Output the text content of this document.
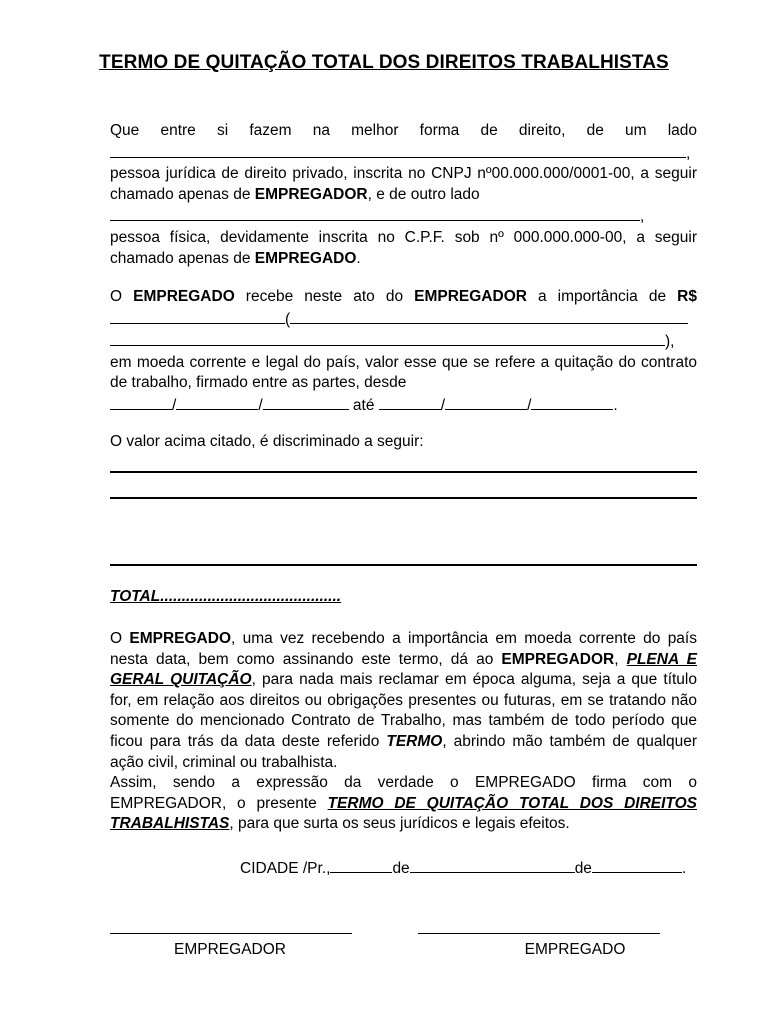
TERMO DE QUITAÇÃO TOTAL DOS DIREITOS TRABALHISTAS

Que entre si fazem na melhor forma de direito, de um lado

,

pessoa jurídica de direito privado, inscrita no CNPJ nº00.000.000/0001-00, a seguir chamado apenas de EMPREGADOR, e de outro lado

,

pessoa física, devidamente inscrita no C.P.F. sob nº 000.000.000-00, a seguir chamado apenas de EMPREGADO.

O EMPREGADO recebe neste ato do EMPREGADOR a importância de R$

(

),

em moeda corrente e legal do país, valor esse que se refere a quitação do contrato de trabalho, firmado entre as partes, desde

/	/	até	/	/	.

O valor acima citado, é discriminado a seguir:

TOTAL..........................................

O EMPREGADO, uma vez recebendo a importância em moeda corrente do país nesta data, bem como assinando este termo, dá ao EMPREGADOR, PLENA E GERAL QUITAÇÃO, para nada mais reclamar em época alguma, seja a que título for, em relação aos direitos ou obrigações presentes ou futuras, em se tratando não somente do mencionado Contrato de Trabalho, mas também de todo período que ficou para trás da data deste referido TERMO, abrindo mão também de qualquer ação civil, criminal ou trabalhista.

Assim, sendo a expressão da verdade o EMPREGADO firma com o EMPREGADOR, o presente TERMO DE QUITAÇÃO TOTAL DOS DIREITOS TRABALHISTAS, para que surta os seus jurídicos e legais efeitos.

CIDADE /Pr.,	de	de	.
EMPREGADOR	EMPREGADO
